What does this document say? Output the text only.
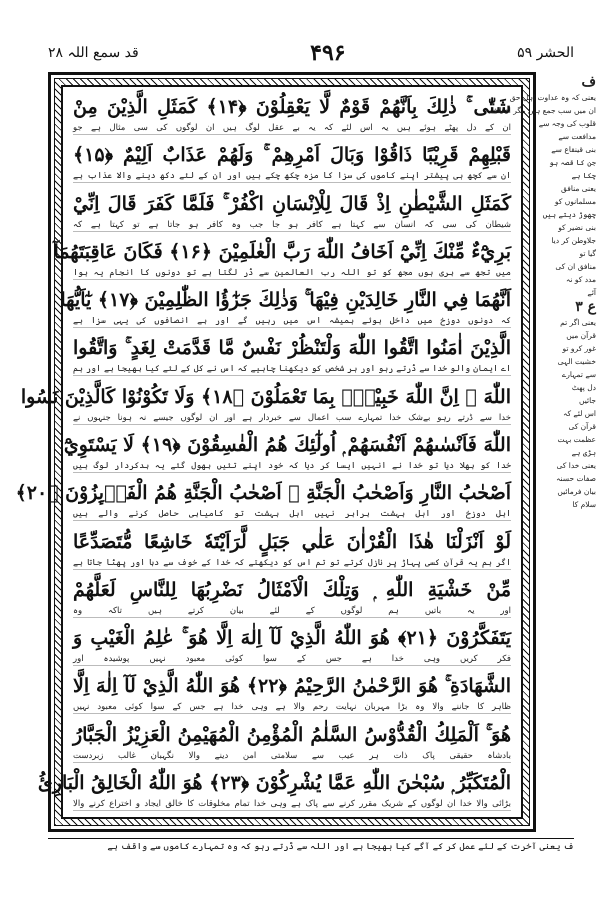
قد سمع اللہ ۲۸	۴۹۶	الحشر ۵۹
شَتّٰى ۚ ذٰلِكَ بِاَنَّهُمْ قَوْمٌ لَّا يَعْقِلُوْنَ ﴿۱۴﴾ كَمَثَلِ الَّذِيْنَ مِنْ
ان کے دل پھٹے ہوئے ہیں یہ اس لئے کہ یہ بے عقل لوگ ہیں ان لوگوں کی سی مثال ہے جو
قَبْلِهِمْ قَرِيْبًا ذَاقُوْا وَبَالَ اَمْرِهِمْ ۚ وَلَهُمْ عَذَابٌ اَلِيْمٌ ﴿۱۵﴾
ان سے کچھ ہی پیشتر اپنے کاموں کی سزا کا مزہ چکھ چکے ہیں اور ان کے لئے دکھ دینے والا عذاب ہے
كَمَثَلِ الشَّيْطٰنِ اِذْ قَالَ لِلْاِنْسَانِ اكْفُرْ ۚ فَلَمَّا كَفَرَ قَالَ اِنِّيْ
شیطان کی سی کہ انسان سے کہتا ہے کافر ہو جا جب وہ کافر ہو جاتا ہے تو کہتا ہے کہ
بَرِيْٓءٌ مِّنْكَ اِنِّيْٓ اَخَافُ اللّٰهَ رَبَّ الْعٰلَمِيْنَ ﴿۱۶﴾ فَكَانَ عَاقِبَتَهُمَآ
میں تجھ سے بری ہوں مجھ کو تو اللہ رب العالمین سے ڈر لگتا ہے تو دونوں کا انجام یہ ہوا
اَنَّهُمَا فِي النَّارِ خَالِدَيْنِ فِيْهَا ۚ وَذٰلِكَ جَزٰٓؤُا الظّٰلِمِيْنَ ﴿۱۷﴾ يٰٓاَيُّهَا
کہ دونوں دوزخ میں داخل ہوئے ہمیشہ اس میں رہیں گے اور بے انصافوں کی یہی سزا ہے
الَّذِيْنَ اٰمَنُوا اتَّقُوا اللّٰهَ وَلْتَنْظُرْ نَفْسٌ مَّا قَدَّمَتْ لِغَدٍ ۚ وَاتَّقُوا
اے ایمان والو خدا سے ڈرتے رہو اور ہر شخص کو دیکھنا چاہیے کہ اس نے کل کے لئے کیا بھیجا ہے اور ہم
اللّٰهَ ۭ اِنَّ اللّٰهَ خَبِيْرٌۢ بِمَا تَعْمَلُوْنَ ﴿۱۸﴾ وَلَا تَكُوْنُوْا كَالَّذِيْنَ نَسُوا
خدا سے ڈرتے رہو بےشک خدا تمہارے سب اعمال سے خبردار ہے اور ان لوگوں جیسے نہ ہونا جنہوں نے
اللّٰهَ فَاَنْسٰىهُمْ اَنْفُسَهُمْ ۭ اُولٰٓئِكَ هُمُ الْفٰسِقُوْنَ ﴿۱۹﴾ لَا يَسْتَوِيْٓ
خدا کو بھلا دیا تو خدا نے انہیں ایسا کر دیا کہ خود اپنے تئیں بھول گئے یہ بدکردار لوگ ہیں
اَصْحٰبُ النَّارِ وَاَصْحٰبُ الْجَنَّةِ ۭ اَصْحٰبُ الْجَنَّةِ هُمُ الْفَاۗىِٕزُوْنَ ﴿۲۰﴾
اہل دوزخ اور اہل بہشت برابر نہیں اہل بہشت تو کامیابی حاصل کرنے والے ہیں
لَوْ اَنْزَلْنَا هٰذَا الْقُرْاٰنَ عَلٰي جَبَلٍ لَّرَاَيْتَهٗ خَاشِعًا مُّتَصَدِّعًا
اگر ہم یہ قرآن کسی پہاڑ پر نازل کرتے تو تم اس کو دیکھتے کہ خدا کے خوف سے دبا اور پھٹا جاتا ہے
مِّنْ خَشْيَةِ اللّٰهِ ۭ وَتِلْكَ الْاَمْثَالُ نَضْرِبُهَا لِلنَّاسِ لَعَلَّهُمْ
اور یہ باتیں ہم لوگوں کے لئے بیان کرتے ہیں تاکہ وہ
يَتَفَكَّرُوْنَ ﴿۲۱﴾ هُوَ اللّٰهُ الَّذِيْ لَآ اِلٰهَ اِلَّا هُوَ ۚ عٰلِمُ الْغَيْبِ وَ
فکر کریں وہی خدا ہے جس کے سوا کوئی معبود نہیں پوشیدہ اور
الشَّهَادَةِ ۚ هُوَ الرَّحْمٰنُ الرَّحِيْمُ ﴿۲۲﴾ هُوَ اللّٰهُ الَّذِيْ لَآ اِلٰهَ اِلَّا
ظاہر کا جاننے والا وہ بڑا مہربان نہایت رحم والا ہے وہی خدا ہے جس کے سوا کوئی معبود نہیں
هُوَ ۚ اَلْمَلِكُ الْقُدُّوْسُ السَّلٰمُ الْمُؤْمِنُ الْمُهَيْمِنُ الْعَزِيْزُ الْجَبَّارُ
بادشاہ حقیقی پاک ذات ہر عیب سے سلامتی امن دینے والا نگہبان غالب زبردست
الْمُتَكَبِّرُ ۭ سُبْحٰنَ اللّٰهِ عَمَّا يُشْرِكُوْنَ ﴿۲۳﴾ هُوَ اللّٰهُ الْخَالِقُ الْبَارِئُ
بڑائی والا خدا ان لوگوں کے شریک مقرر کرنے سے پاک ہے وہی خدا تمام مخلوقات کا خالق ایجاد و اختراع کرنے والا
ف
یعنی کہ وہ عداوت اہل حق
ان میں سب جمع ہیں مگر اختلاف
قلوب کی وجہ سے
مدافعت سے
بنی قینقاع سے
جن کا قصہ ہو
چکا ہے
یعنی منافق
مسلمانوں کو
چھوڑ دیتے ہیں
بنی نضیر کو
جلاوطن کر دیا
گیا تو
منافق ان کی
مدد کو نہ
آئے
ع ۳
یعنی اگر تم
قرآن میں
غور کرو تو
خشیت الہی
سے تمہارے
دل پھٹ
جائیں
اس لئے کہ
قرآن کی
عظمت بہت
بڑی ہے
یعنی خدا کی
صفات حسنہ
بیان فرمائیں
سلام کا
ف یعنی آخرت کے لئے عمل کر کے آگے کیا بھیجا ہے اور اللہ سے ڈرتے رہو کہ وہ تمہارے کاموں سے واقف ہے
